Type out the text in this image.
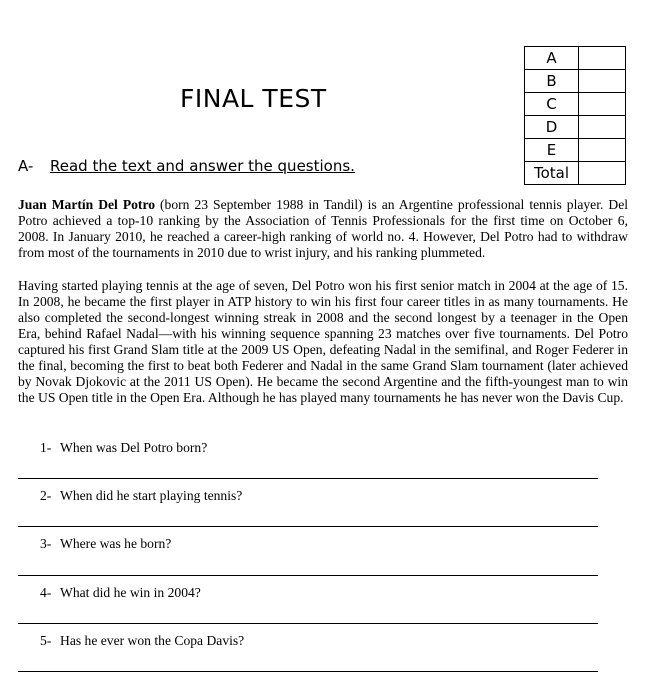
FINAL TEST
A	
B	
C	
D	
E	
Total	
A- Read the text and answer the questions.

Juan Martín Del Potro (born 23 September 1988 in Tandil) is an Argentine professional tennis player. Del Potro achieved a top-10 ranking by the Association of Tennis Professionals for the first time on October 6, 2008. In January 2010, he reached a career-high ranking of world no. 4. However, Del Potro had to withdraw from most of the tournaments in 2010 due to wrist injury, and his ranking plummeted.

Having started playing tennis at the age of seven, Del Potro won his first senior match in 2004 at the age of 15. In 2008, he became the first player in ATP history to win his first four career titles in as many tournaments. He also completed the second-longest winning streak in 2008 and the second longest by a teenager in the Open Era, behind Rafael Nadal—with his winning sequence spanning 23 matches over five tournaments. Del Potro captured his first Grand Slam title at the 2009 US Open, defeating Nadal in the semifinal, and Roger Federer in the final, becoming the first to beat both Federer and Nadal in the same Grand Slam tournament (later achieved by Novak Djokovic at the 2011 US Open). He became the second Argentine and the fifth-youngest man to win the US Open title in the Open Era. Although he has played many tournaments he has never won the Davis Cup.

1- When was Del Potro born?
2- When did he start playing tennis?
3- Where was he born?
4- What did he win in 2004?
5- Has he ever won the Copa Davis?
